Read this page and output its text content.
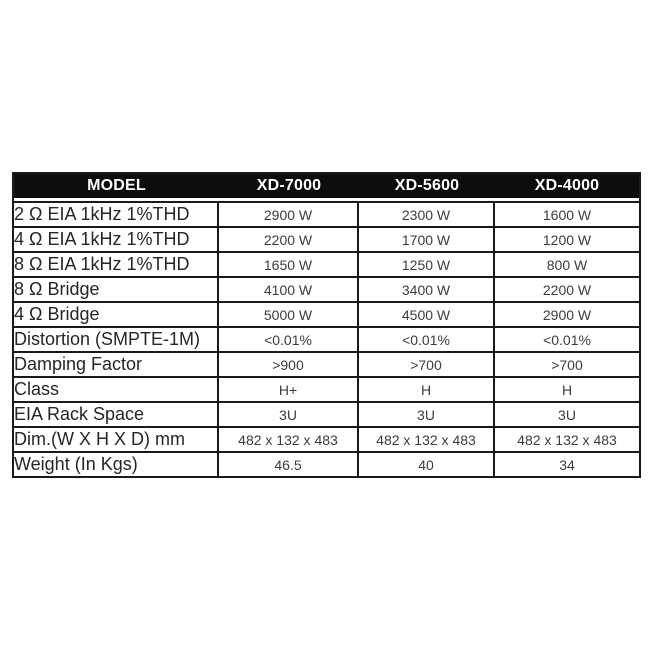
MODEL	XD-7000	XD-5600	XD-4000
2 Ω EIA 1kHz 1%THD	2900 W	2300 W	1600 W
4 Ω EIA 1kHz 1%THD	2200 W	1700 W	1200 W
8 Ω EIA 1kHz 1%THD	1650 W	1250 W	800 W
8 Ω Bridge	4100 W	3400 W	2200 W
4 Ω Bridge	5000 W	4500 W	2900 W
Distortion (SMPTE-1M)	<0.01%	<0.01%	<0.01%
Damping Factor	>900	>700	>700
Class	H+	H	H
EIA Rack Space	3U	3U	3U
Dim.(W X H X D) mm	482 x 132 x 483	482 x 132 x 483	482 x 132 x 483
Weight (In Kgs)	46.5	40	34
